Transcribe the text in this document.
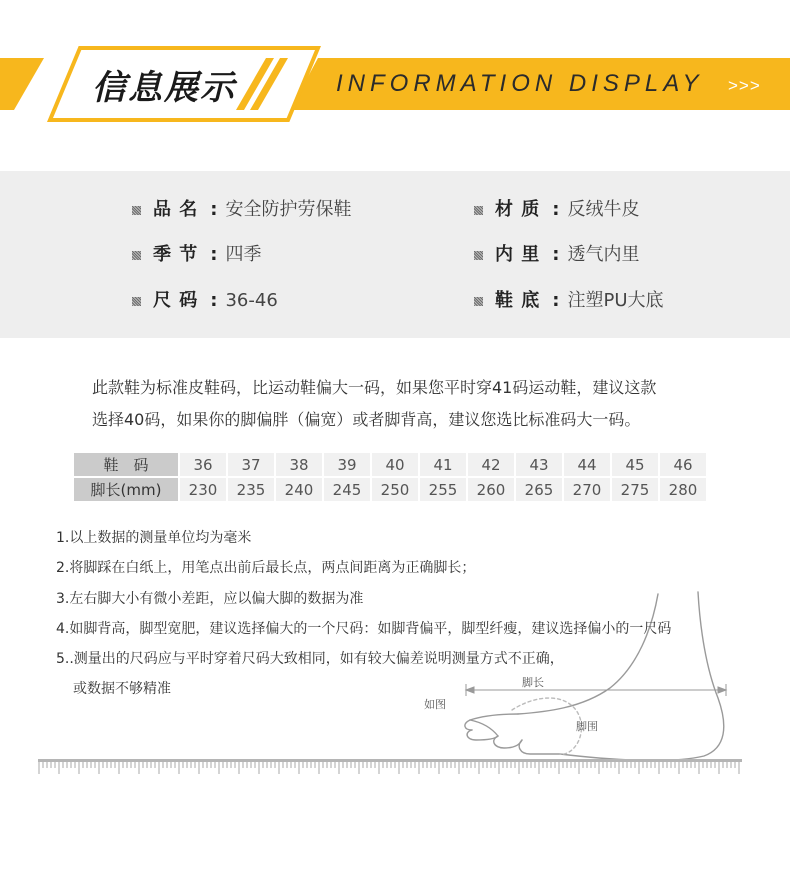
信息展示	INFORMATION DISPLAY >>>
品 名 : 安全防护劳保鞋
季 节 : 四季
尺 码 : 36-46
材 质 : 反绒牛皮
内 里 : 透气内里
鞋 底 : 注塑PU大底
此款鞋为标准皮鞋码，比运动鞋偏大一码，如果您平时穿41码运动鞋，建议这款
选择40码，如果你的脚偏胖（偏宽）或者脚背高，建议您选比标准码大一码。
鞋　码	36	37	38	39	40	41	42	43	44	45	46
脚长(mm)	230	235	240	245	250	255	260	265	270	275	280
如图
脚长
脚围
1.以上数据的测量单位均为毫米
2.将脚踩在白纸上，用笔点出前后最长点，两点间距离为正确脚长；
3.左右脚大小有微小差距，应以偏大脚的数据为准
4.如脚背高，脚型宽肥，建议选择偏大的一个尺码：如脚背偏平，脚型纤瘦，建议选择偏小的一尺码
5..测量出的尺码应与平时穿着尺码大致相同，如有较大偏差说明测量方式不正确，
或数据不够精准
